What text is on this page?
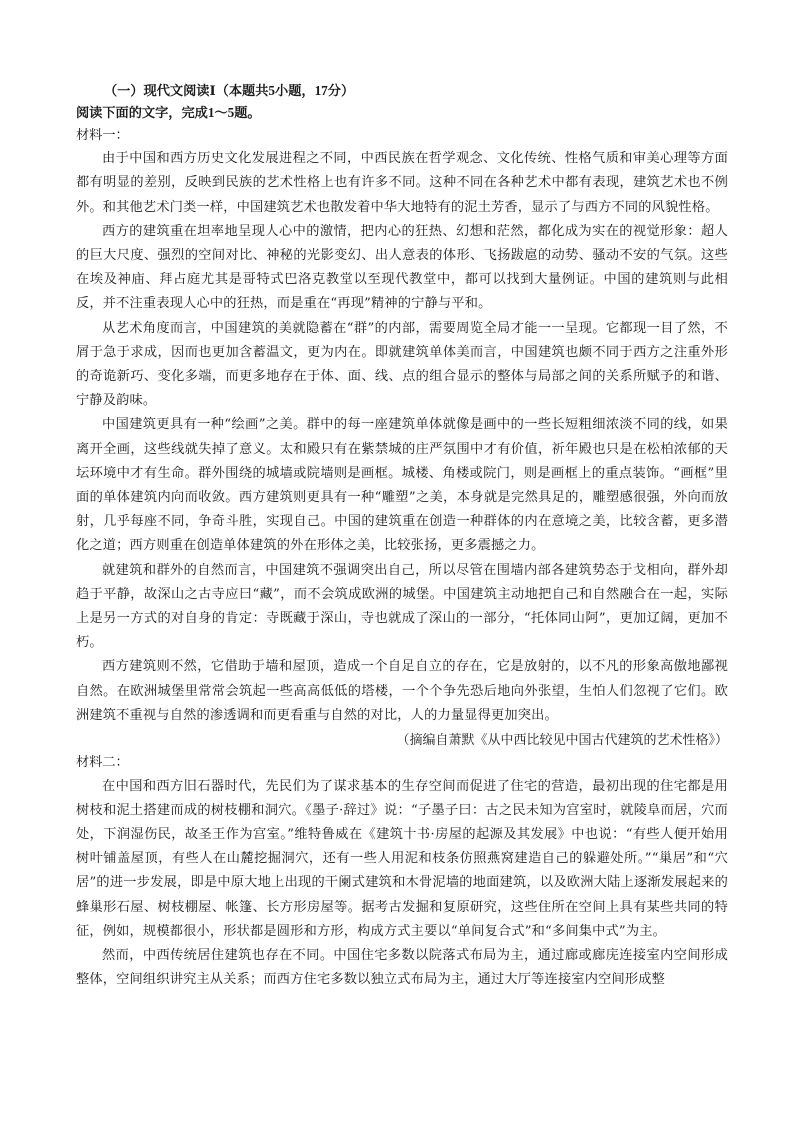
（一）现代文阅读Ⅰ（本题共5小题，17分）
阅读下面的文字，完成1～5题。
材料一：

由于中国和西方历史文化发展进程之不同，中西民族在哲学观念、文化传统、性格气质和审美心理等方面都有明显的差别，反映到民族的艺术性格上也有许多不同。这种不同在各种艺术中都有表现，建筑艺术也不例外。和其他艺术门类一样，中国建筑艺术也散发着中华大地特有的泥土芳香，显示了与西方不同的风貌性格。

西方的建筑重在坦率地呈现人心中的激情，把内心的狂热、幻想和茫然，都化成为实在的视觉形象：超人的巨大尺度、强烈的空间对比、神秘的光影变幻、出人意表的体形、飞扬跋扈的动势、骚动不安的气氛。这些在埃及神庙、拜占庭尤其是哥特式巴洛克教堂以至现代教堂中，都可以找到大量例证。中国的建筑则与此相反，并不注重表现人心中的狂热，而是重在“再现”精神的宁静与平和。

从艺术角度而言，中国建筑的美就隐蓄在“群”的内部，需要周览全局才能一一呈现。它都现一目了然，不屑于急于求成，因而也更加含蓄温文，更为内在。即就建筑单体美而言，中国建筑也颇不同于西方之注重外形的奇诡新巧、变化多端，而更多地存在于体、面、线、点的组合显示的整体与局部之间的关系所赋予的和谐、宁静及韵味。

中国建筑更具有一种“绘画”之美。群中的每一座建筑单体就像是画中的一些长短粗细浓淡不同的线，如果离开全画，这些线就失掉了意义。太和殿只有在紫禁城的庄严氛围中才有价值，祈年殿也只是在松柏浓郁的天坛环境中才有生命。群外围绕的城墙或院墙则是画框。城楼、角楼或院门，则是画框上的重点装饰。“画框”里面的单体建筑内向而收敛。西方建筑则更具有一种“雕塑”之美，本身就是完然具足的，雕塑感很强，外向而放射，几乎每座不同，争奇斗胜，实现自己。中国的建筑重在创造一种群体的内在意境之美，比较含蓄，更多潜化之道；西方则重在创造单体建筑的外在形体之美，比较张扬，更多震撼之力。

就建筑和群外的自然而言，中国建筑不强调突出自己，所以尽管在围墙内部各建筑势态于戈相向，群外却趋于平静，故深山之古寺应曰“藏”，而不会筑成欧洲的城堡。中国建筑主动地把自己和自然融合在一起，实际上是另一方式的对自身的肯定：寺既藏于深山，寺也就成了深山的一部分，“托体同山阿”，更加辽阔，更加不朽。

西方建筑则不然，它借助于墙和屋顶，造成一个自足自立的存在，它是放射的，以不凡的形象高傲地鄙视自然。在欧洲城堡里常常会筑起一些高高低低的塔楼，一个个争先恐后地向外张望，生怕人们忽视了它们。欧洲建筑不重视与自然的渗透调和而更看重与自然的对比，人的力量显得更加突出。

（摘编自萧默《从中西比较见中国古代建筑的艺术性格》）
材料二：

在中国和西方旧石器时代，先民们为了谋求基本的生存空间而促进了住宅的营造，最初出现的住宅都是用树枝和泥土搭建而成的树枝棚和洞穴。《墨子·辞过》说：“子墨子曰：古之民未知为宫室时，就陵阜而居，穴而处，下润湿伤民，故圣王作为宫室。”维特鲁威在《建筑十书·房屋的起源及其发展》中也说：“有些人便开始用树叶铺盖屋顶，有些人在山麓挖掘洞穴，还有一些人用泥和枝条仿照燕窝建造自己的躲避处所。”“巢居”和“穴居”的进一步发展，即是中原大地上出现的干阑式建筑和木骨泥墙的地面建筑，以及欧洲大陆上逐渐发展起来的蜂巢形石屋、树枝棚屋、帐篷、长方形房屋等。据考古发掘和复原研究，这些住所在空间上具有某些共同的特征，例如，规模都很小，形状都是圆形和方形，构成方式主要以“单间复合式”和“多间集中式”为主。

然而，中西传统居住建筑也存在不同。中国住宅多数以院落式布局为主，通过廊或廊庑连接室内空间形成整体，空间组织讲究主从关系；而西方住宅多数以独立式布局为主，通过大厅等连接室内空间形成整
